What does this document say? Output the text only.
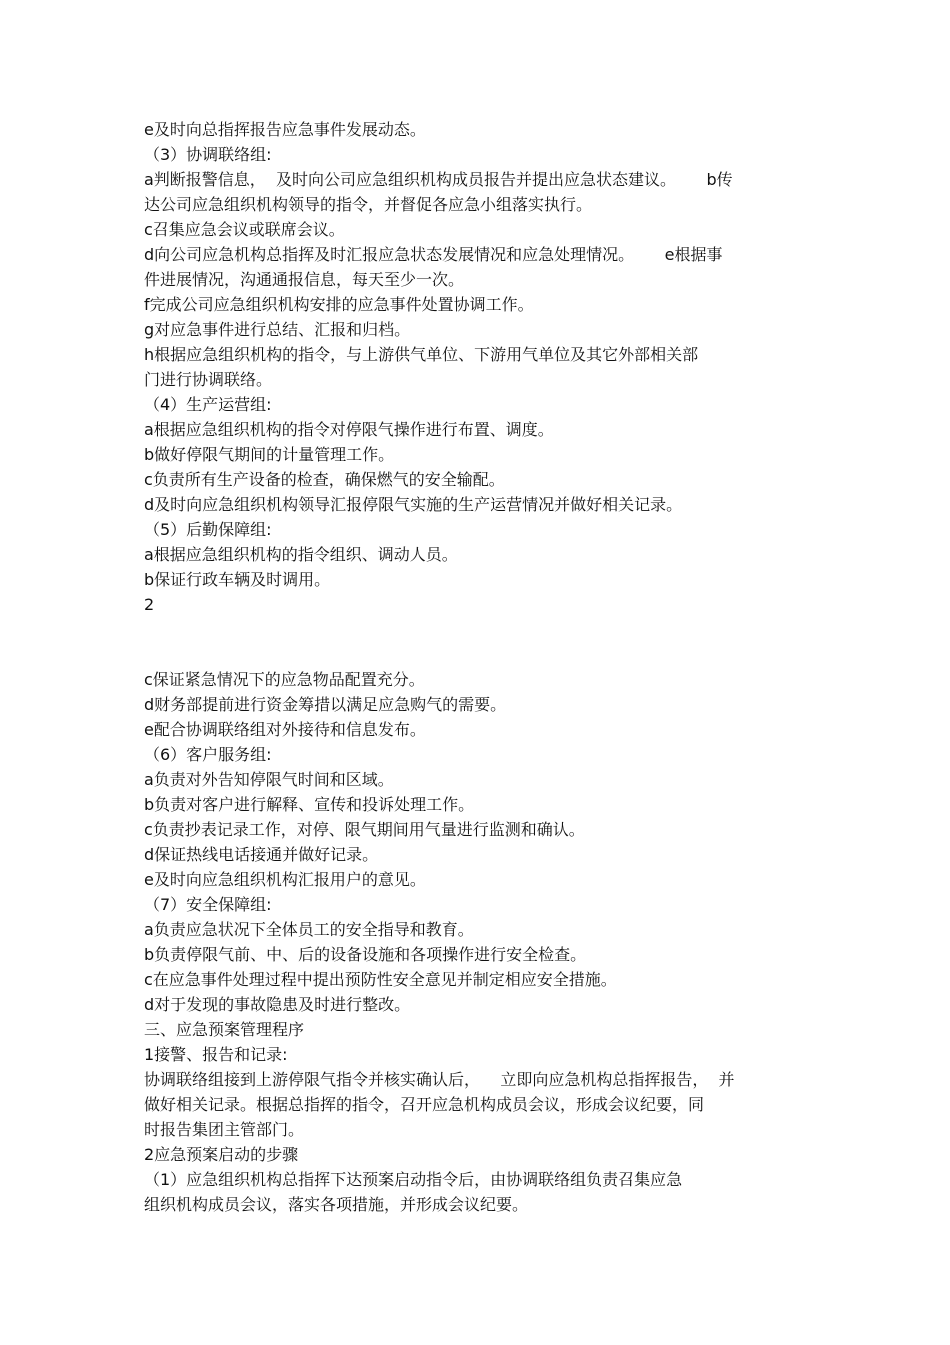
e及时向总指挥报告应急事件发展动态。
（3）协调联络组:
a判断报警信息，  及时向公司应急组织机构成员报告并提出应急状态建议。      b传
达公司应急组织机构领导的指令，并督促各应急小组落实执行。
c召集应急会议或联席会议。
d向公司应急机构总指挥及时汇报应急状态发展情况和应急处理情况。      e根据事
件进展情况，沟通通报信息，每天至少一次。
f完成公司应急组织机构安排的应急事件处置协调工作。
g对应急事件进行总结、汇报和归档。
h根据应急组织机构的指令，与上游供气单位、下游用气单位及其它外部相关部
门进行协调联络。
（4）生产运营组:
a根据应急组织机构的指令对停限气操作进行布置、调度。
b做好停限气期间的计量管理工作。
c负责所有生产设备的检查，确保燃气的安全输配。
d及时向应急组织机构领导汇报停限气实施的生产运营情况并做好相关记录。
（5）后勤保障组:
a根据应急组织机构的指令组织、调动人员。
b保证行政车辆及时调用。
2
c保证紧急情况下的应急物品配置充分。
d财务部提前进行资金筹措以满足应急购气的需要。
e配合协调联络组对外接待和信息发布。
（6）客户服务组:
a负责对外告知停限气时间和区域。
b负责对客户进行解释、宣传和投诉处理工作。
c负责抄表记录工作，对停、限气期间用气量进行监测和确认。
d保证热线电话接通并做好记录。
e及时向应急组织机构汇报用户的意见。
（7）安全保障组:
a负责应急状况下全体员工的安全指导和教育。
b负责停限气前、中、后的设备设施和各项操作进行安全检查。
c在应急事件处理过程中提出预防性安全意见并制定相应安全措施。
d对于发现的事故隐患及时进行整改。
三、应急预案管理程序
1接警、报告和记录:
协调联络组接到上游停限气指令并核实确认后，    立即向应急机构总指挥报告，  并
做好相关记录。根据总指挥的指令，召开应急机构成员会议，形成会议纪要，同
时报告集团主管部门。
2应急预案启动的步骤
（1）应急组织机构总指挥下达预案启动指令后，由协调联络组负责召集应急
组织机构成员会议，落实各项措施，并形成会议纪要。
